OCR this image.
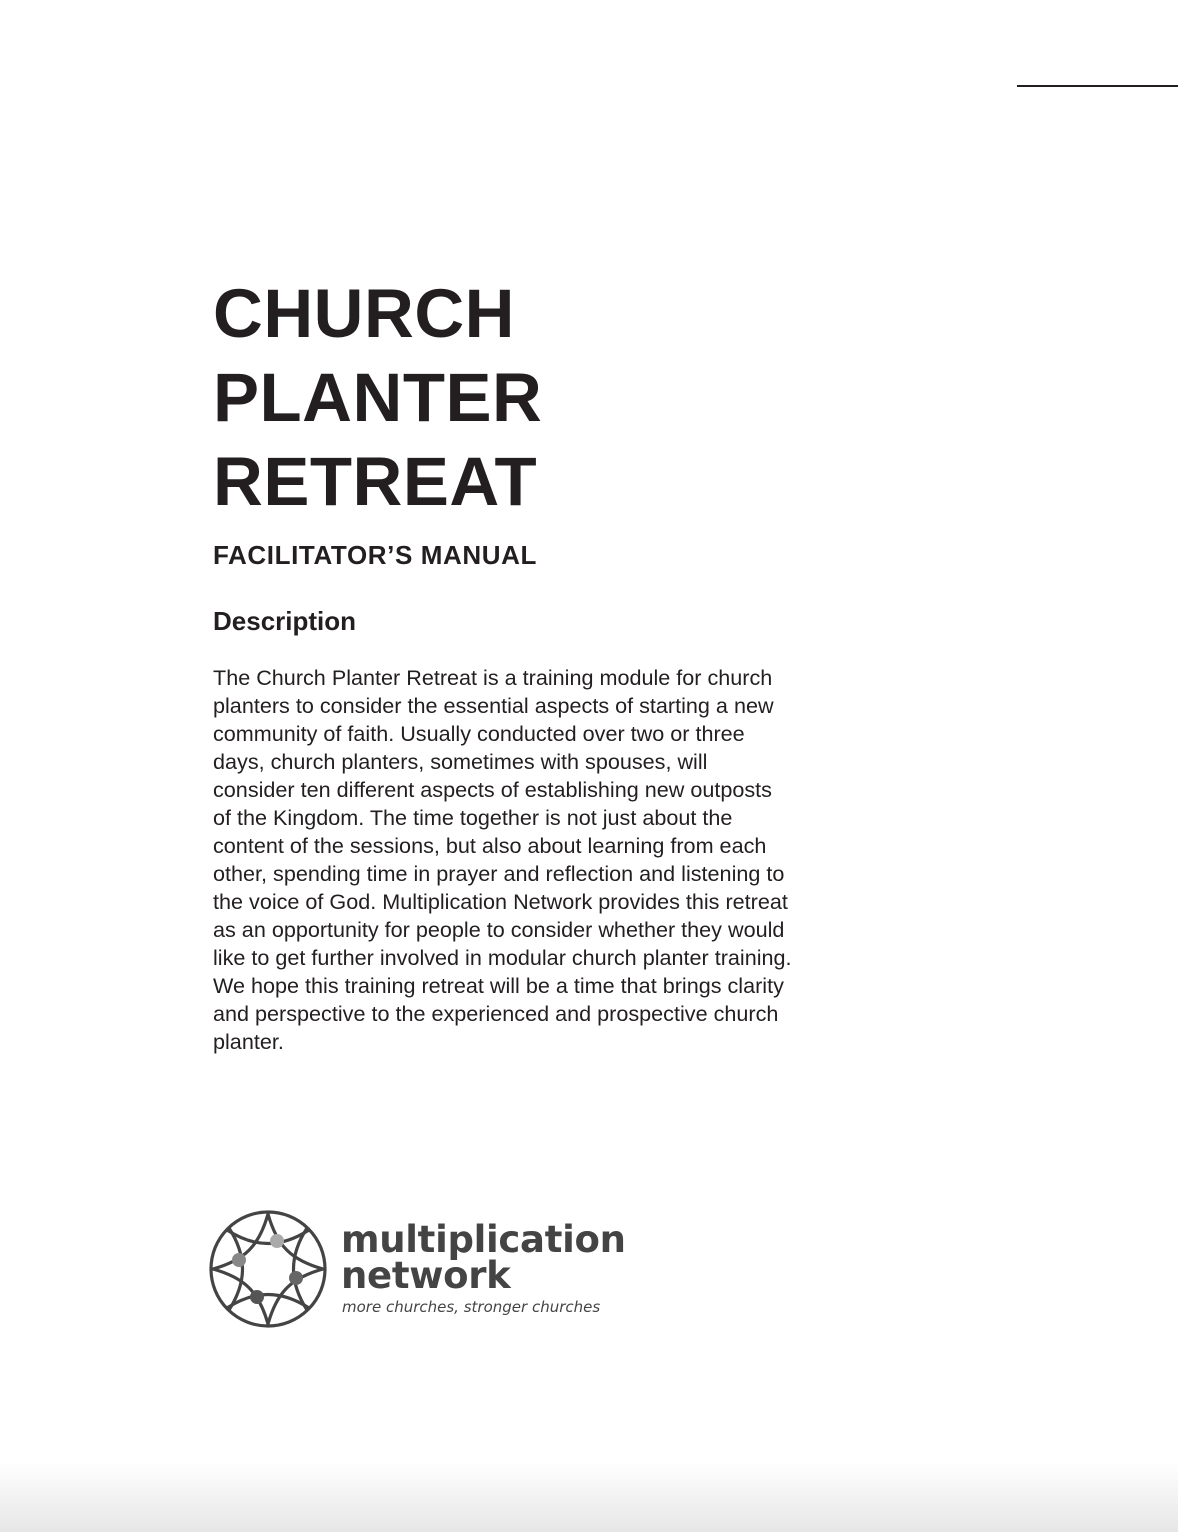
CHURCH
PLANTER
RETREAT
FACILITATOR’S MANUAL
Description

The Church Planter Retreat is a training module for church planters to consider the essential aspects of starting a new community of faith. Usually conducted over two or three days, church planters, sometimes with spouses, will consider ten different aspects of establishing new outposts of the Kingdom. The time together is not just about the content of the sessions, but also about learning from each other, spending time in prayer and reflection and listening to the voice of God. Multiplication Network provides this retreat as an opportunity for people to consider whether they would like to get further involved in modular church planter training. We hope this training retreat will be a time that brings clarity and perspective to the experienced and prospective church planter.

multiplication
network
more churches, stronger churches
